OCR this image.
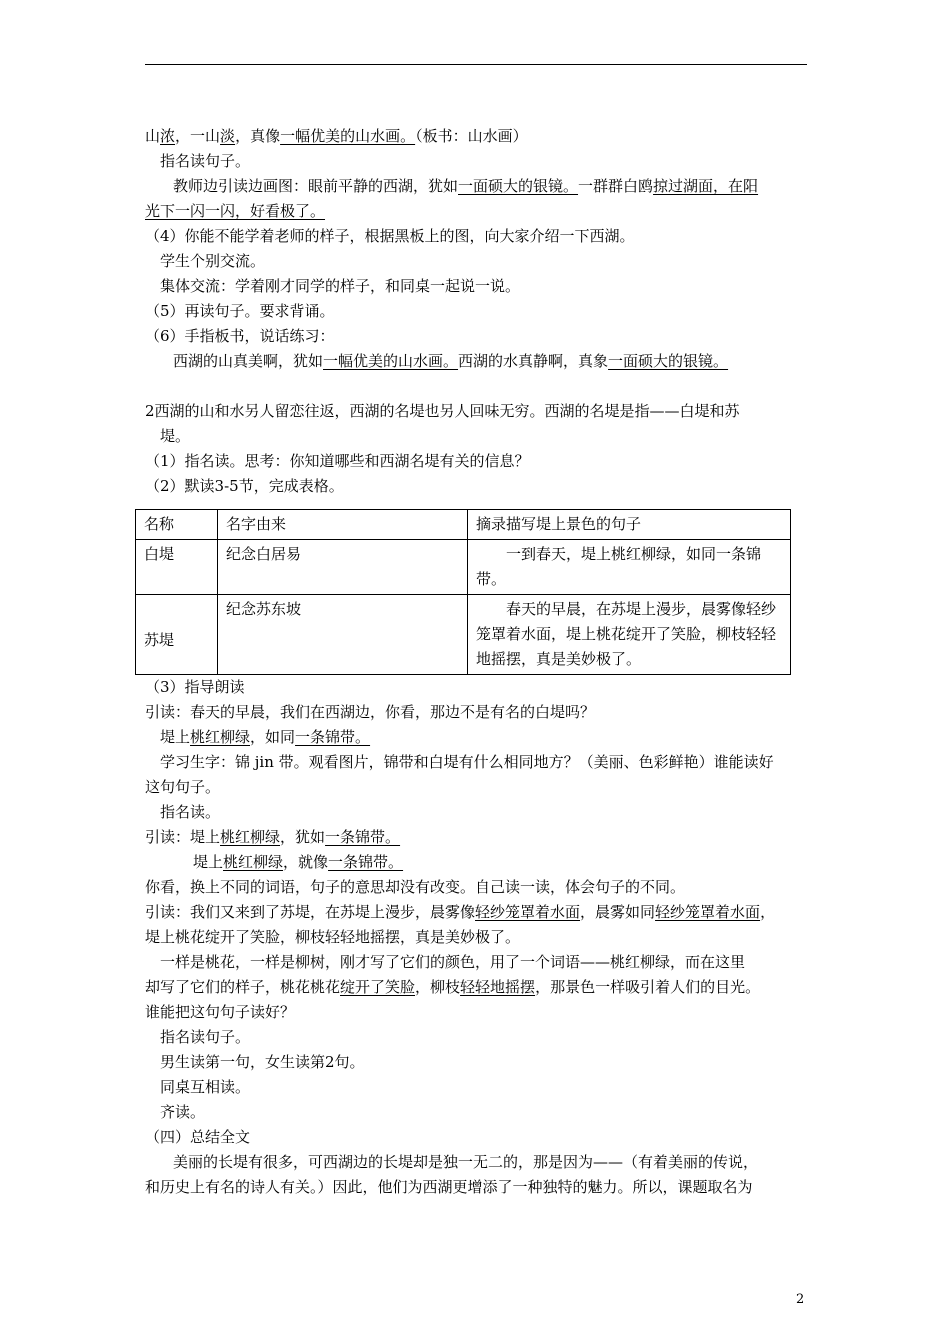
山浓，一山淡，真像一幅优美的山水画。（板书：山水画）

指名读句子。

教师边引读边画图：眼前平静的西湖，犹如一面硕大的银镜。一群群白鸥掠过湖面，在阳

光下一闪一闪，好看极了。

（4）你能不能学着老师的样子，根据黑板上的图，向大家介绍一下西湖。

学生个别交流。

集体交流：学着刚才同学的样子，和同桌一起说一说。

（5）再读句子。要求背诵。

（6）手指板书，说话练习：

西湖的山真美啊，犹如一幅优美的山水画。西湖的水真静啊，真象一面硕大的银镜。

2西湖的山和水另人留恋往返，西湖的名堤也另人回味无穷。西湖的名堤是指——白堤和苏

堤。

（1）指名读。思考：你知道哪些和西湖名堤有关的信息？

（2）默读3-5节，完成表格。

名称	名字由来	摘录描写堤上景色的句子
白堤	纪念白居易	一到春天，堤上桃红柳绿，如同一条锦带。
苏堤	纪念苏东坡	春天的早晨，在苏堤上漫步，晨雾像轻纱笼罩着水面，堤上桃花绽开了笑脸，柳枝轻轻地摇摆，真是美妙极了。

（3）指导朗读

引读：春天的早晨，我们在西湖边，你看，那边不是有名的白堤吗？

堤上桃红柳绿，如同一条锦带。

学习生字：锦 jin 带。观看图片，锦带和白堤有什么相同地方？（美丽、色彩鲜艳）谁能读好

这句句子。

指名读。

引读：堤上桃红柳绿，犹如一条锦带。

堤上桃红柳绿，就像一条锦带。

你看，换上不同的词语，句子的意思却没有改变。自己读一读，体会句子的不同。

引读：我们又来到了苏堤，在苏堤上漫步，晨雾像轻纱笼罩着水面，晨雾如同轻纱笼罩着水面，

堤上桃花绽开了笑脸，柳枝轻轻地摇摆，真是美妙极了。

一样是桃花，一样是柳树，刚才写了它们的颜色，用了一个词语——桃红柳绿，而在这里

却写了它们的样子，桃花桃花绽开了笑脸，柳枝轻轻地摇摆，那景色一样吸引着人们的目光。

谁能把这句句子读好？

指名读句子。

男生读第一句，女生读第2句。

同桌互相读。

齐读。

（四）总结全文

美丽的长堤有很多，可西湖边的长堤却是独一无二的，那是因为——（有着美丽的传说，

和历史上有名的诗人有关。）因此，他们为西湖更增添了一种独特的魅力。所以，课题取名为

2
